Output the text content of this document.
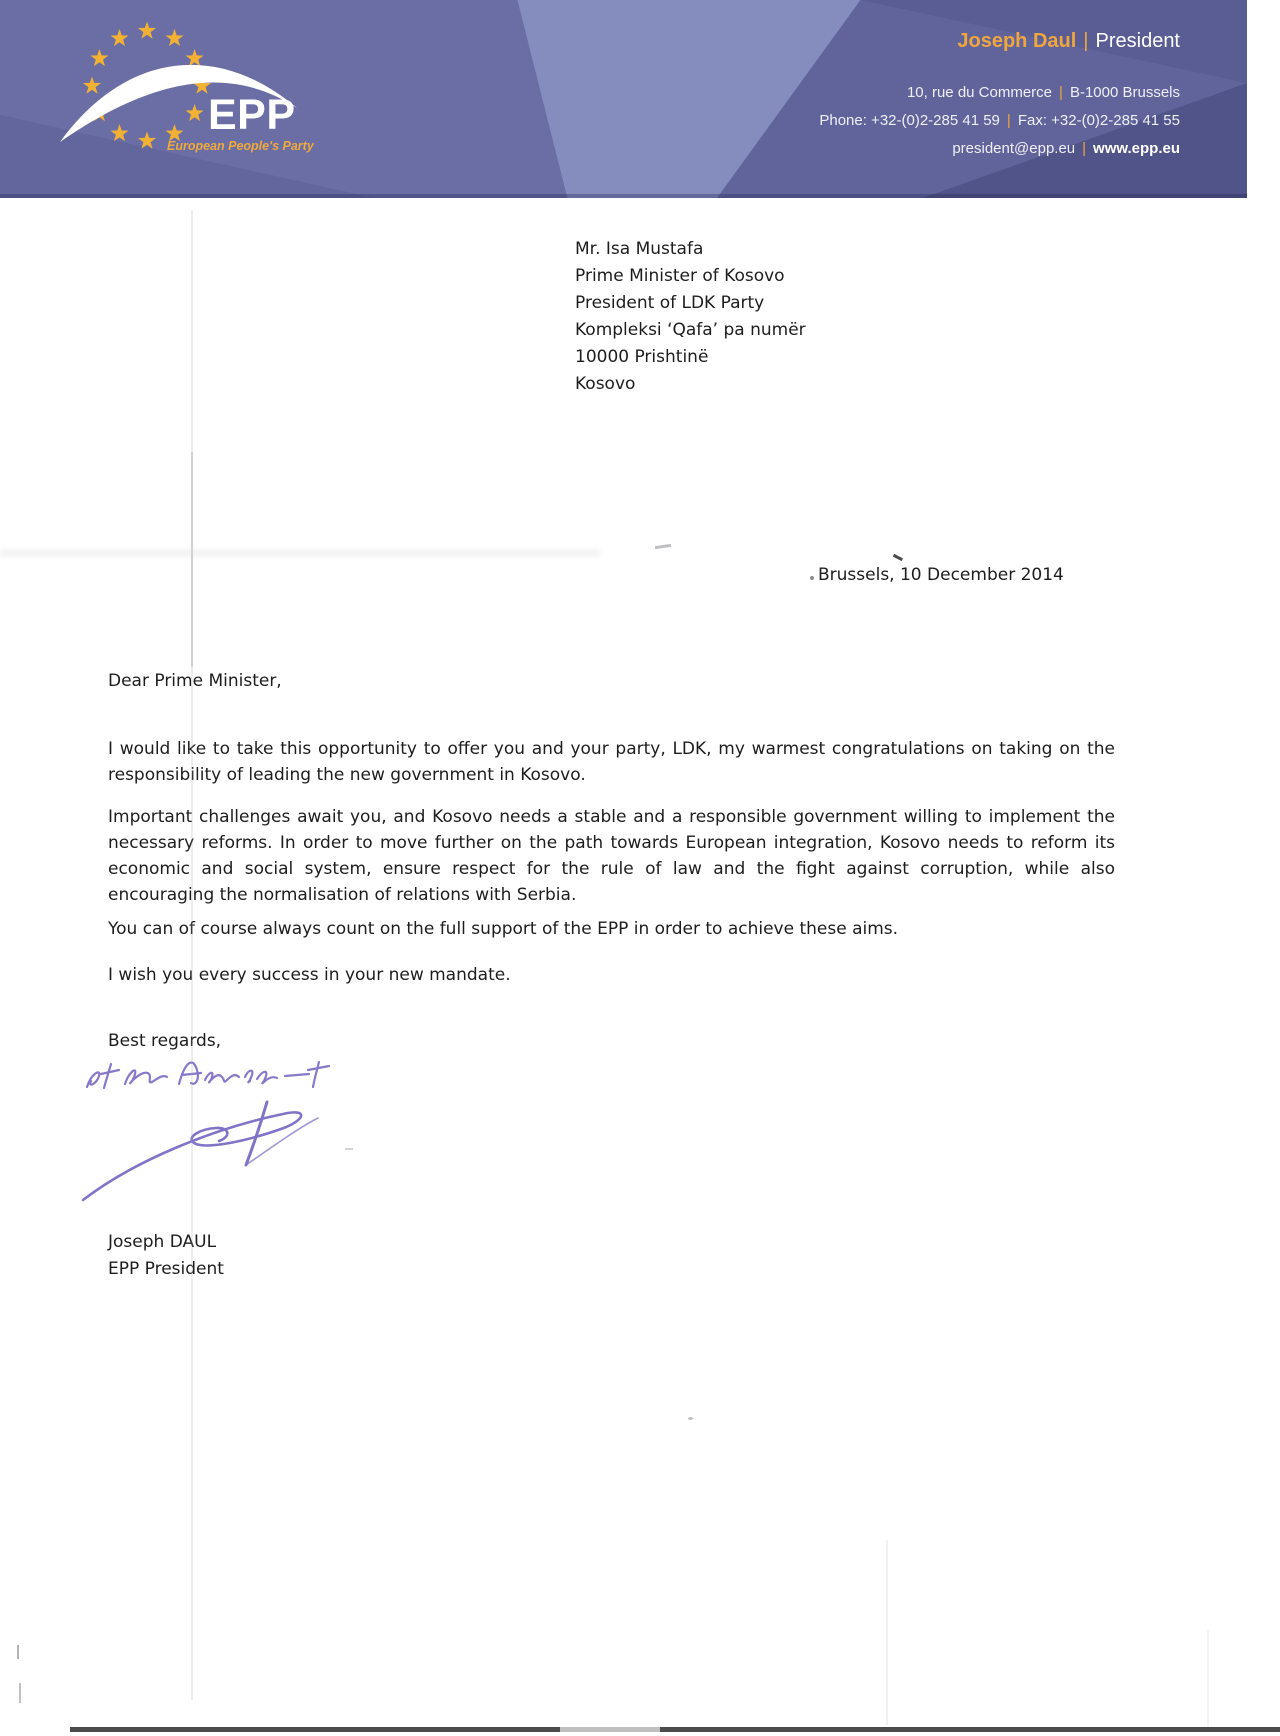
EPP
European People's Party
Joseph Daul | President
10, rue du Commerce | B-1000 Brussels
Phone: +32-(0)2-285 41 59 | Fax: +32-(0)2-285 41 55
president@epp.eu | www.epp.eu
Mr. Isa Mustafa
Prime Minister of Kosovo
President of LDK Party
Kompleksi ‘Qafa’ pa numër
10000 Prishtinë
Kosovo
Brussels, 10 December 2014
Dear Prime Minister,

I would like to take this opportunity to offer you and your party, LDK, my warmest congratulations on taking on the responsibility of leading the new government in Kosovo.

Important challenges await you, and Kosovo needs a stable and a responsible government willing to implement the necessary reforms. In order to move further on the path towards European integration, Kosovo needs to reform its economic and social system, ensure respect for the rule of law and the fight against corruption, while also encouraging the normalisation of relations with Serbia.

You can of course always count on the full support of the EPP in order to achieve these aims.

I wish you every success in your new mandate.

Best regards,
Joseph DAUL
EPP President
